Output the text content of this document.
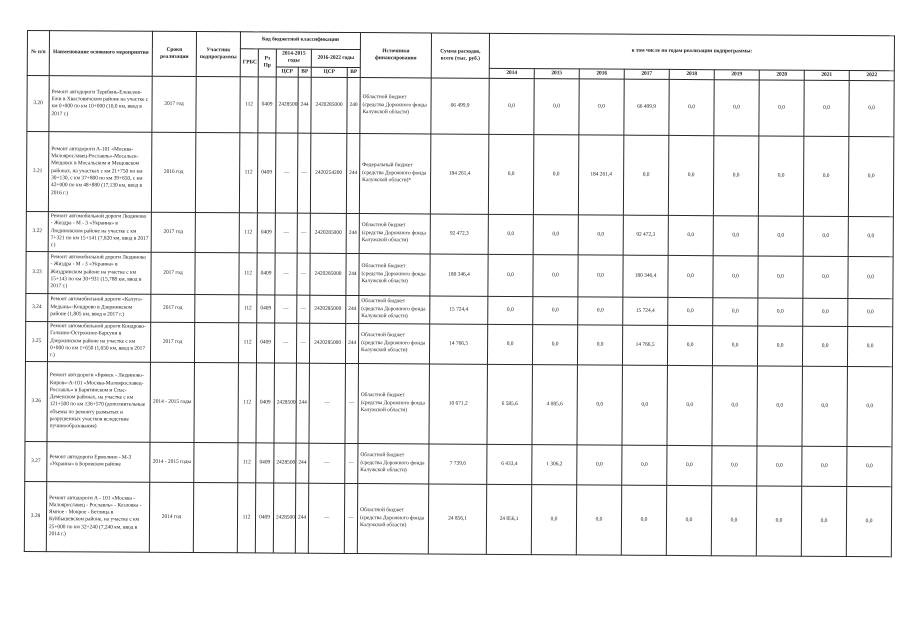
№ п/п	Наименование основного мероприятия	Сроки реализации	Участник подпрограммы	Код бюджетной классификации						Источники финансирования	Сумма расходов, всего (тыс. руб.)	в том числе по годам реализации подпрограммы:								
				ГРБС	Рз Пр	2014-2015 годы		2016-2022 годы												
						ЦСР	ВР	ЦСР	ВР			2014	2015	2016	2017	2018	2019	2020	2021	2022
3.20	Ремонт автодороги Теребень-Елексеев-Ежи в Хвастовичском районе на участке с км 0+000 по км 10+000 (10,0 км, ввод в 2017 г.)	2017 год		112	0409	2428500	244	2420285000	240	Областной бюджет (средства Дорожного фонда Калужской области)	66 499,9	0,0	0,0	0,0	66 499,9	0,0	0,0	0,0	0,0	0,0
3.21	Ремонт автодороги А-101 «Москва-Малоярославец-Рославль»-Мосальск-Мещовск в Мосальском и Мещовском районах, на участках с км 21+750 по км 30+130, с км 37+800 по км 39+650, с км 42+000 по км 48+880 (17,130 км, ввод в 2016 г.)	2016 год		112	0409	—	—	2420254200	244	Федеральный бюджет (средства Дорожного фонда Калужской области)*	184 261,4	0,0	0,0	184 261,4	0,0	0,0	0,0	0,0	0,0	0,0
3.22	Ремонт автомобильной дороги Людиново - Жиздра - М - 3 «Украина» в Людиновском районе на участке с км 7+321 по км 15+141 (7,820 км, ввод в 2017 г.)	2017 год		112	0409	—	—	2420285000	244	Областной бюджет (средства Дорожного фонда Калужской области)	92 472,3	0,0	0,0	0,0	92 472,3	0,0	0,0	0,0	0,0	0,0
3.23	Ремонт автомобильной дороги Людиново - Жиздра - М - 3 «Украина» в Жиздринском районе на участке с км 15+143 по км 30+931 (15,788 км, ввод в 2017 г.)	2017 год		112	0409	—	—	2420285000	244	Областной бюджет (средства Дорожного фонда Калужской области)	180 346,4	0,0	0,0	0,0	180 346,4	0,0	0,0	0,0	0,0	0,0
3.24	Ремонт автомобильной дороги «Калуга-Медынь»-Кондрово в Дзержинском районе (1,805 км, ввод в 2017 г.)	2017 год		112	0409	—	—	2420285000	244	Областной бюджет (средства Дорожного фонда Калужской области)	15 724,4	0,0	0,0	0,0	15 724,4	0,0	0,0	0,0	0,0	0,0
3.25	Ремонт автомобильной дороги Кондрово-Галкино-Острожное-Барсуки в Дзержинском районе на участке с км 0+000 по км 1+650 (1,650 км, ввод в 2017 г.)	2017 год		112	0409	—	—	2420285000	244	Областной бюджет (средства Дорожного фонда Калужской области)	14 766,5	0,0	0,0	0,0	14 766,5	0,0	0,0	0,0	0,0	0,0
3.26	Ремонт автодороги «Брянск - Людиново- Киров»-А-101 «Москва-Малоярославец- Рославль» в Барятинском и Спас-Деменском районах, на участке с км 121+500 по км 136+570 (дополнительные объемы по ремонту размытых и разрушенных участков вследствие пучинообразования)	2014 - 2015 годы		112	0409	2428500	244	—	—	Областной бюджет (средства Дорожного фонда Калужской области)	10 671,2	6 585,6	4 085,6	0,0	0,0	0,0	0,0	0,0	0,0	0,0
3.27	Ремонт автодороги Ермолино - М-3 «Украина» в Боровском районе	2014 - 2015 годы		112	0409	2428500	244	—	—	Областной бюджет (средства Дорожного фонда Калужской области)	7 739,6	6 433,4	1 306,2	0,0	0,0	0,0	0,0	0,0	0,0	0,0
3.28	Ремонт автодороги А - 101 «Москва - Малоярославец - Рославль» - Козловка - Ямное - Мокрое - Бетлица в Куйбышевском районе, на участке с км 25+000 по км 32+240 (7,240 км, ввод в 2014 г.)	2014 год		112	0409	2428500	244	—	—	Областной бюджет (средства Дорожного фонда Калужской области)	24 856,1	24 856,1	0,0	0,0	0,0	0,0	0,0	0,0	0,0	0,0
